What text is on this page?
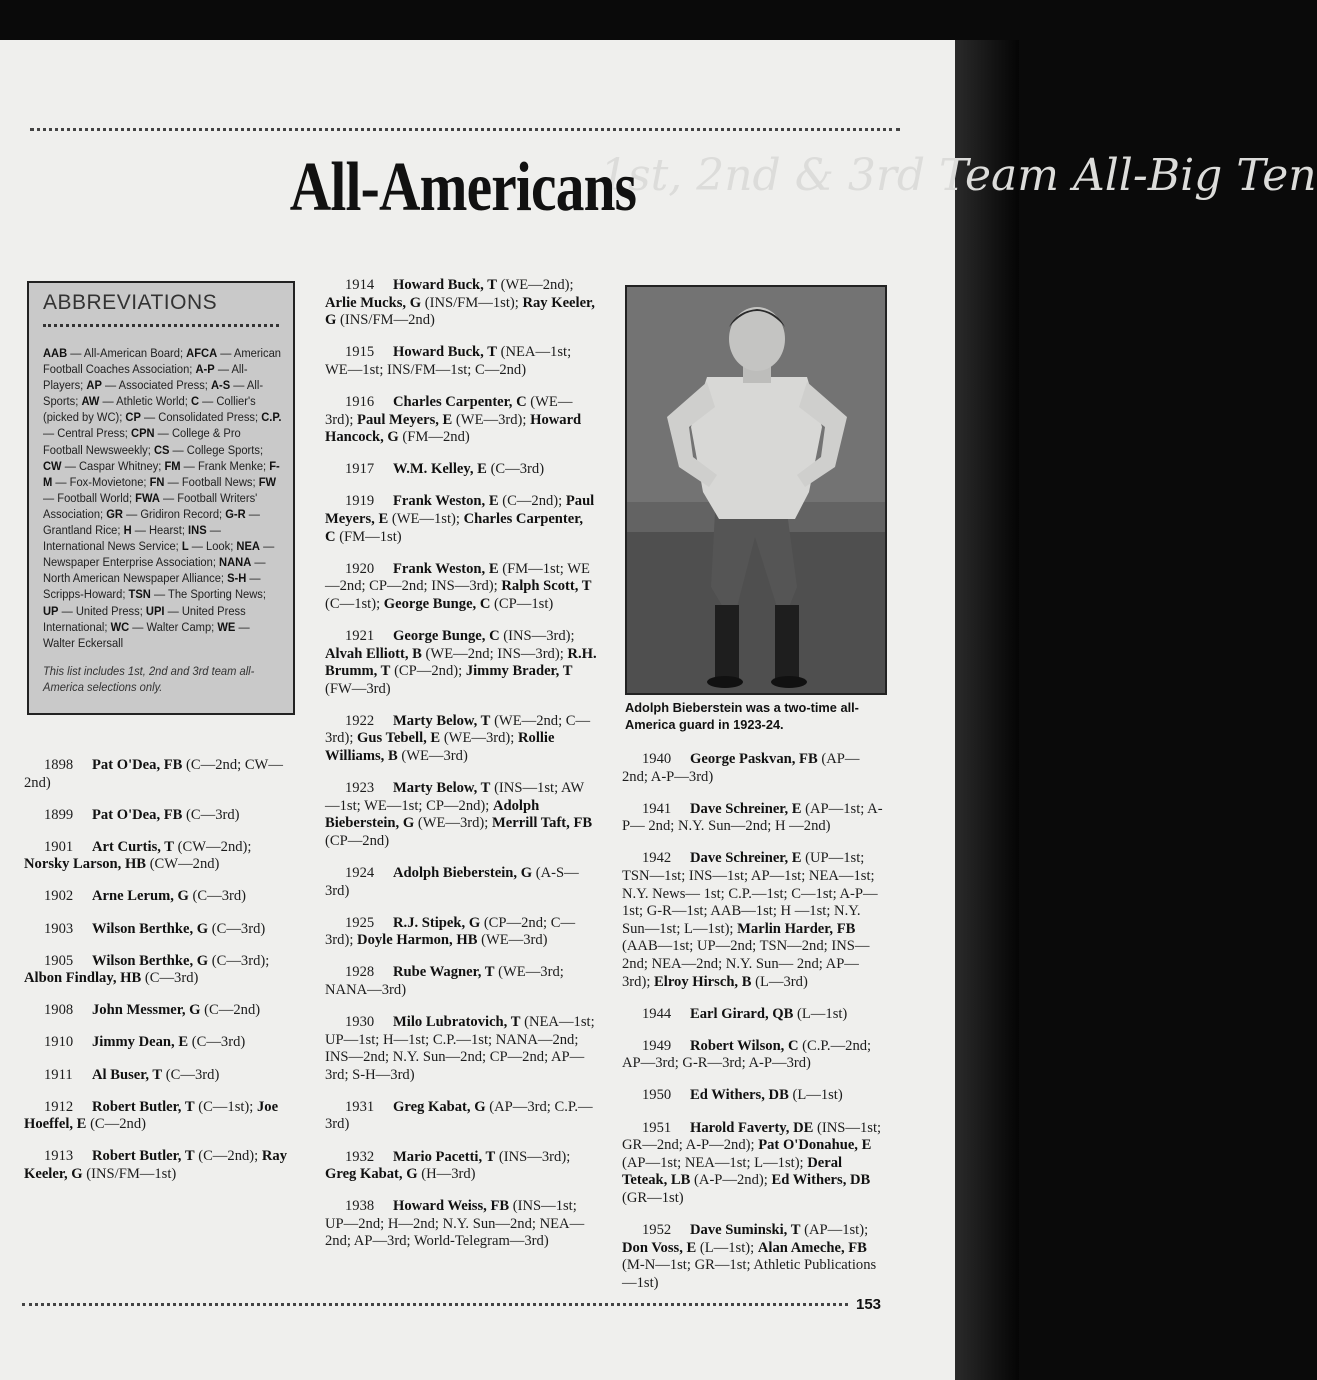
1st, 2nd & 3rd Team All-Big Ten
All-Americans
ABBREVIATIONS
AAB — All-American Board; AFCA — American Football Coaches Association; A-P — All-Players; AP — Associated Press; A-S — All-Sports; AW — Athletic World; C — Collier's (picked by WC); CP — Consolidated Press; C.P. — Central Press; CPN — College & Pro Football Newsweekly; CS — College Sports; CW — Caspar Whitney; FM — Frank Menke; F-M — Fox-Movietone; FN — Football News; FW — Football World; FWA — Football Writers' Association; GR — Gridiron Record; G-R — Grantland Rice; H — Hearst; INS — International News Service; L — Look; NEA — Newspaper Enterprise Association; NANA — North American Newspaper Alliance; S-H — Scripps-Howard; TSN — The Sporting News; UP — United Press; UPI — United Press International; WC — Walter Camp; WE — Walter Eckersall
This list includes 1st, 2nd and 3rd team all-America selections only.
1898 Pat O'Dea, FB (C—2nd; CW—2nd)
1899 Pat O'Dea, FB (C—3rd)
1901 Art Curtis, T (CW—2nd); Norsky Larson, HB (CW—2nd)
1902 Arne Lerum, G (C—3rd)
1903 Wilson Berthke, G (C—3rd)
1905 Wilson Berthke, G (C—3rd); Albon Findlay, HB (C—3rd)
1908 John Messmer, G (C—2nd)
1910 Jimmy Dean, E (C—3rd)
1911 Al Buser, T (C—3rd)
1912 Robert Butler, T (C—1st); Joe Hoeffel, E (C—2nd)
1913 Robert Butler, T (C—2nd); Ray Keeler, G (INS/FM—1st)
1914 Howard Buck, T (WE—2nd); Arlie Mucks, G (INS/FM—1st); Ray Keeler, G (INS/FM—2nd)
1915 Howard Buck, T (NEA—1st; WE—1st; INS/FM—1st; C—2nd)
1916 Charles Carpenter, C (WE—3rd); Paul Meyers, E (WE—3rd); Howard Hancock, G (FM—2nd)
1917 W.M. Kelley, E (C—3rd)
1919 Frank Weston, E (C—2nd); Paul Meyers, E (WE—1st); Charles Carpenter, C (FM—1st)
1920 Frank Weston, E (FM—1st; WE—2nd; CP—2nd; INS—3rd); Ralph Scott, T (C—1st); George Bunge, C (CP—1st)
1921 George Bunge, C (INS—3rd); Alvah Elliott, B (WE—2nd; INS—3rd); R.H. Brumm, T (CP—2nd); Jimmy Brader, T (FW—3rd)
1922 Marty Below, T (WE—2nd; C—3rd); Gus Tebell, E (WE—3rd); Rollie Williams, B (WE—3rd)
1923 Marty Below, T (INS—1st; AW—1st; WE—1st; CP—2nd); Adolph Bieberstein, G (WE—3rd); Merrill Taft, FB (CP—2nd)
1924 Adolph Bieberstein, G (A-S—3rd)
1925 R.J. Stipek, G (CP—2nd; C—3rd); Doyle Harmon, HB (WE—3rd)
1928 Rube Wagner, T (WE—3rd; NANA—3rd)
1930 Milo Lubratovich, T (NEA—1st; UP—1st; H—1st; C.P.—1st; NANA—2nd; INS—2nd; N.Y. Sun—2nd; CP—2nd; AP—3rd; S-H—3rd)
1931 Greg Kabat, G (AP—3rd; C.P.—3rd)
1932 Mario Pacetti, T (INS—3rd); Greg Kabat, G (H—3rd)
1938 Howard Weiss, FB (INS—1st; UP—2nd; H—2nd; N.Y. Sun—2nd; NEA—2nd; AP—3rd; World-Telegram—3rd)
1940 George Paskvan, FB (AP—2nd; A-P—3rd)
1941 Dave Schreiner, E (AP—1st; A-P— 2nd; N.Y. Sun—2nd; H —2nd)
1942 Dave Schreiner, E (UP—1st; TSN—1st; INS—1st; AP—1st; NEA—1st; N.Y. News— 1st; C.P.—1st; C—1st; A-P—1st; G-R—1st; AAB—1st; H —1st; N.Y. Sun—1st; L—1st); Marlin Harder, FB (AAB—1st; UP—2nd; TSN—2nd; INS—2nd; NEA—2nd; N.Y. Sun— 2nd; AP—3rd); Elroy Hirsch, B (L—3rd)
1944 Earl Girard, QB (L—1st)
1949 Robert Wilson, C (C.P.—2nd; AP—3rd; G-R—3rd; A-P—3rd)
1950 Ed Withers, DB (L—1st)
1951 Harold Faverty, DE (INS—1st; GR—2nd; A-P—2nd); Pat O'Donahue, E (AP—1st; NEA—1st; L—1st); Deral Teteak, LB (A-P—2nd); Ed Withers, DB (GR—1st)
1952 Dave Suminski, T (AP—1st); Don Voss, E (L—1st); Alan Ameche, FB (M-N—1st; GR—1st; Athletic Publications—1st)
Adolph Bieberstein was a two-time all-America guard in 1923-24.
153
